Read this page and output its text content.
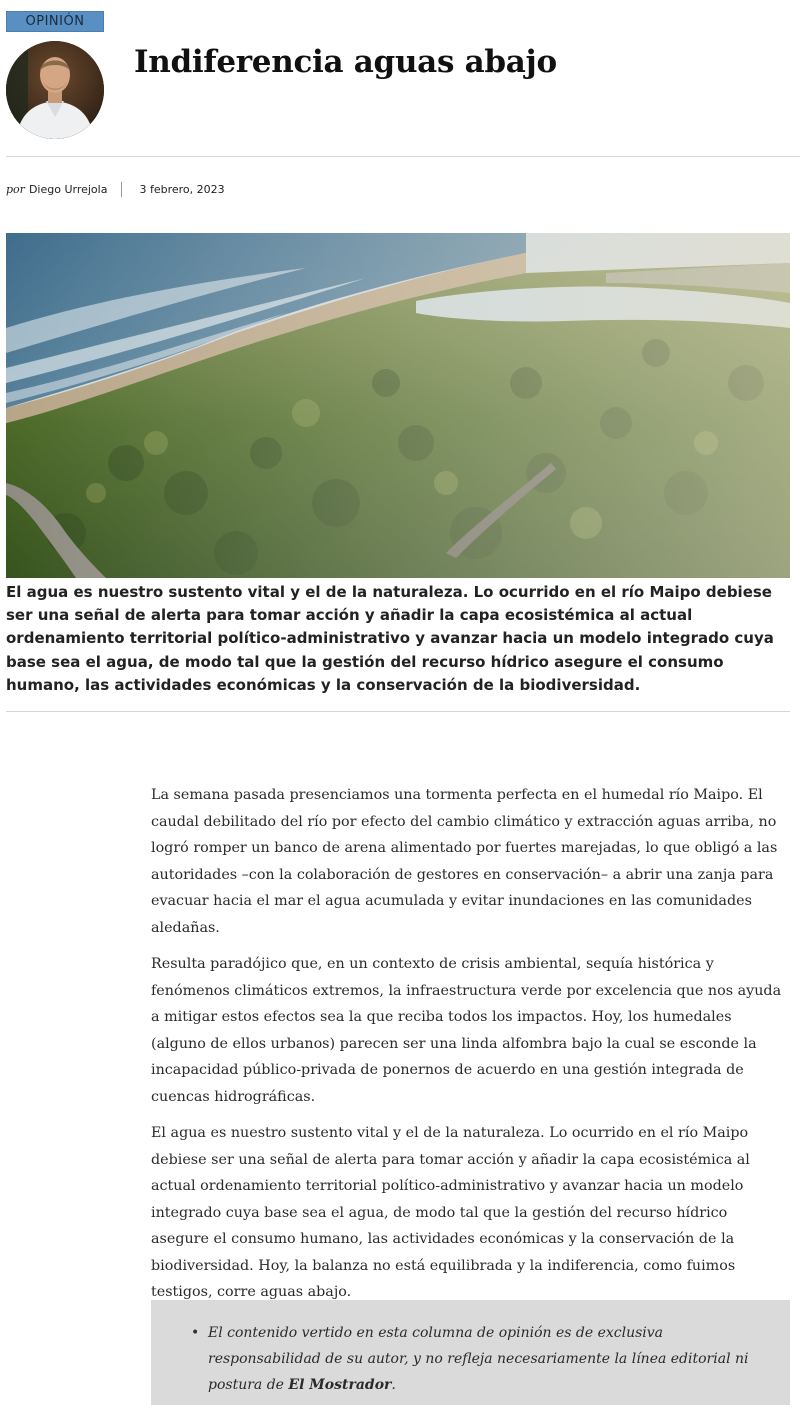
OPINIÓN
Indiferencia aguas abajo
por Diego Urrejola	3 febrero, 2023

El agua es nuestro sustento vital y el de la naturaleza. Lo ocurrido en el río Maipo debiese ser una señal de alerta para tomar acción y añadir la capa ecosistémica al actual ordenamiento territorial político-administrativo y avanzar hacia un modelo integrado cuya base sea el agua, de modo tal que la gestión del recurso hídrico asegure el consumo humano, las actividades económicas y la conservación de la biodiversidad.

La semana pasada presenciamos una tormenta perfecta en el humedal río Maipo. El caudal debilitado del río por efecto del cambio climático y extracción aguas arriba, no logró romper un banco de arena alimentado por fuertes marejadas, lo que obligó a las autoridades –con la colaboración de gestores en conservación– a abrir una zanja para evacuar hacia el mar el agua acumulada y evitar inundaciones en las comunidades aledañas.

Resulta paradójico que, en un contexto de crisis ambiental, sequía histórica y fenómenos climáticos extremos, la infraestructura verde por excelencia que nos ayuda a mitigar estos efectos sea la que reciba todos los impactos. Hoy, los humedales (alguno de ellos urbanos) parecen ser una linda alfombra bajo la cual se esconde la incapacidad público-privada de ponernos de acuerdo en una gestión integrada de cuencas hidrográficas.

El agua es nuestro sustento vital y el de la naturaleza. Lo ocurrido en el río Maipo debiese ser una señal de alerta para tomar acción y añadir la capa ecosistémica al actual ordenamiento territorial político-administrativo y avanzar hacia un modelo integrado cuya base sea el agua, de modo tal que la gestión del recurso hídrico asegure el consumo humano, las actividades económicas y la conservación de la biodiversidad. Hoy, la balanza no está equilibrada y la indiferencia, como fuimos testigos, corre aguas abajo.

• El contenido vertido en esta columna de opinión es de exclusiva responsabilidad de su autor, y no refleja necesariamente la línea editorial ni postura de El Mostrador.
